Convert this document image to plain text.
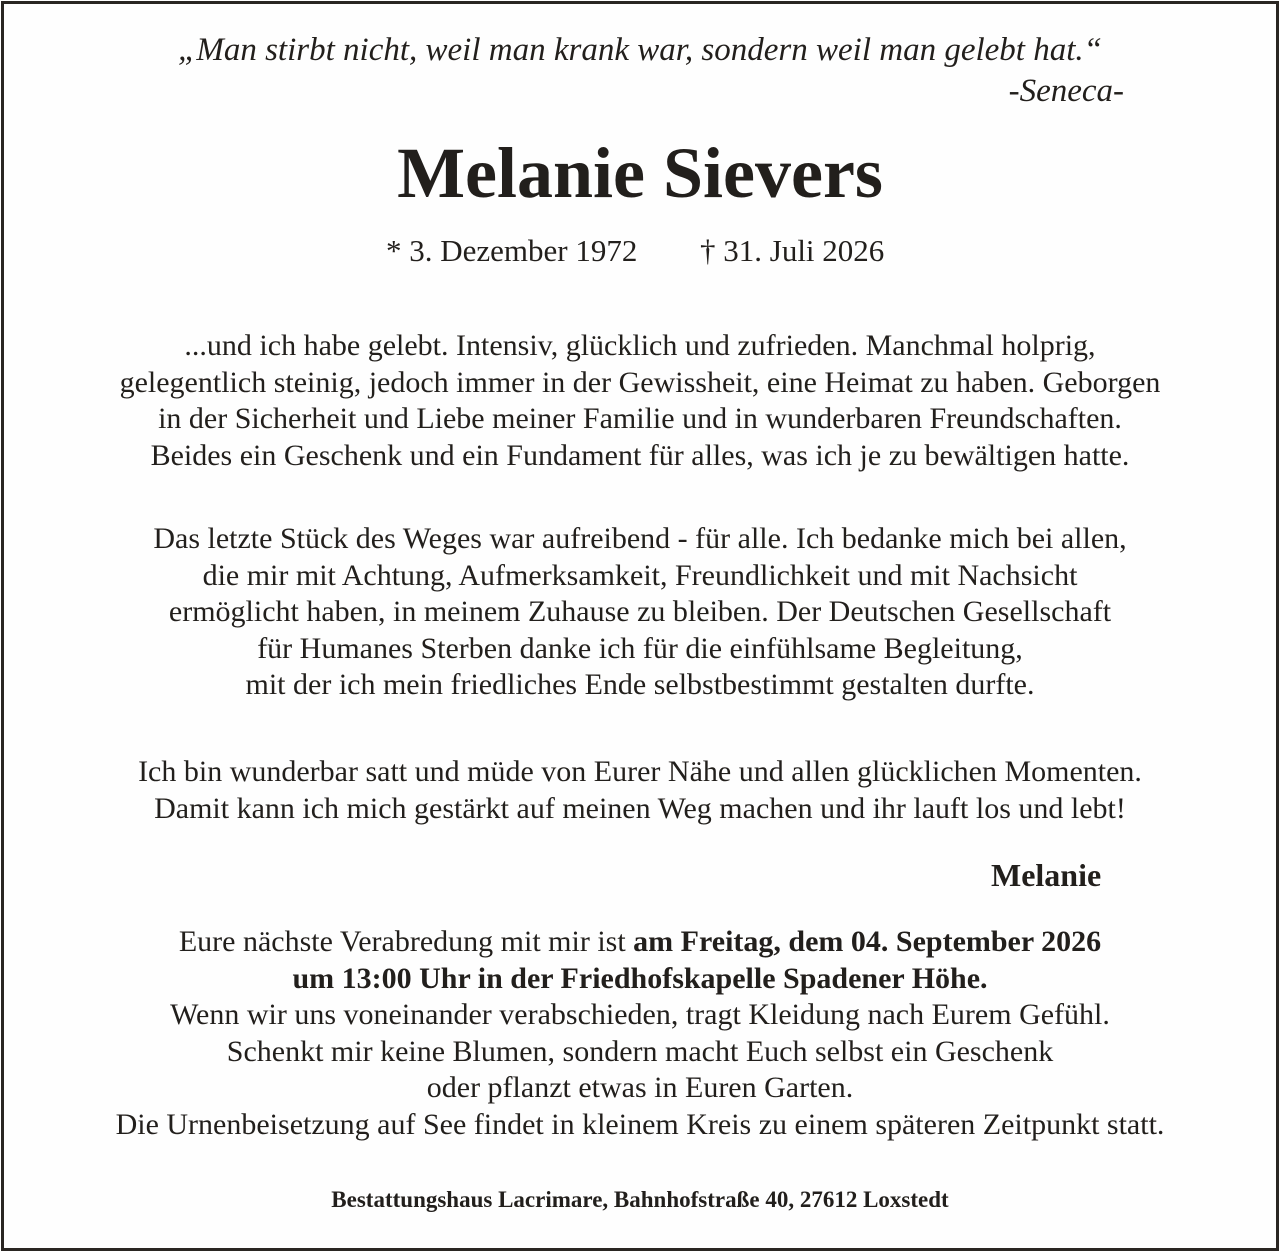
„Man stirbt nicht, weil man krank war, sondern weil man gelebt hat.“
-Seneca-
Melanie Sievers
* 3. Dezember 1972 † 31. Juli 2026
...und ich habe gelebt. Intensiv, glücklich und zufrieden. Manchmal holprig,
gelegentlich steinig, jedoch immer in der Gewissheit, eine Heimat zu haben. Geborgen
in der Sicherheit und Liebe meiner Familie und in wunderbaren Freundschaften.
Beides ein Geschenk und ein Fundament für alles, was ich je zu bewältigen hatte.
Das letzte Stück des Weges war aufreibend - für alle. Ich bedanke mich bei allen,
die mir mit Achtung, Aufmerksamkeit, Freundlichkeit und mit Nachsicht
ermöglicht haben, in meinem Zuhause zu bleiben. Der Deutschen Gesellschaft
für Humanes Sterben danke ich für die einfühlsame Begleitung,
mit der ich mein friedliches Ende selbstbestimmt gestalten durfte.
Ich bin wunderbar satt und müde von Eurer Nähe und allen glücklichen Momenten.
Damit kann ich mich gestärkt auf meinen Weg machen und ihr lauft los und lebt!
Melanie
Eure nächste Verabredung mit mir ist am Freitag, dem 04. September 2026
um 13:00 Uhr in der Friedhofskapelle Spadener Höhe.
Wenn wir uns voneinander verabschieden, tragt Kleidung nach Eurem Gefühl.
Schenkt mir keine Blumen, sondern macht Euch selbst ein Geschenk
oder pflanzt etwas in Euren Garten.
Die Urnenbeisetzung auf See findet in kleinem Kreis zu einem späteren Zeitpunkt statt.
Bestattungshaus Lacrimare, Bahnhofstraße 40, 27612 Loxstedt
